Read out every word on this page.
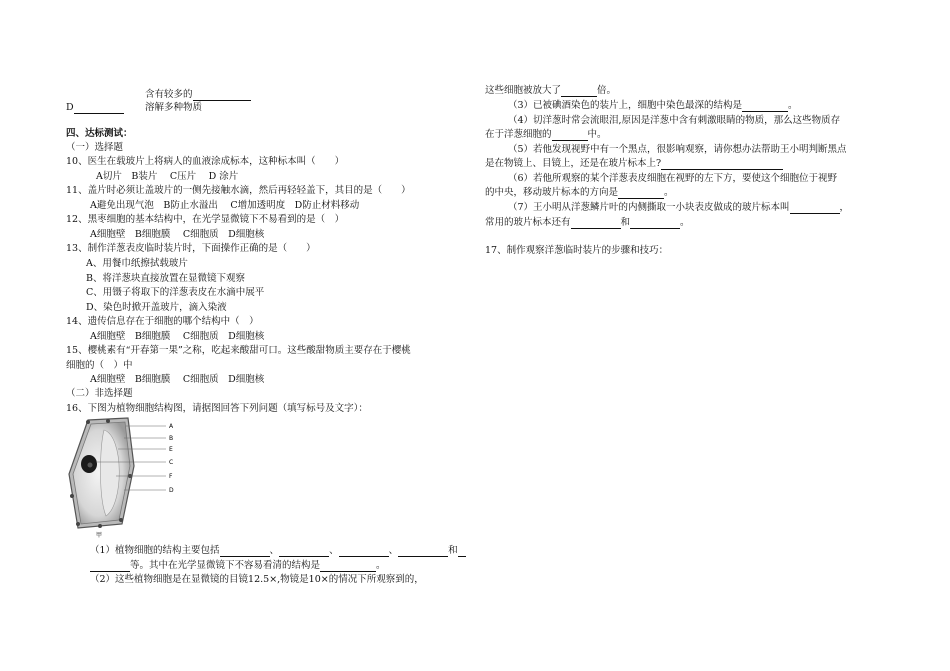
含有较多的
D	溶解多种物质
四、达标测试：
（一）选择题
10、医生在载玻片上将病人的血液涂成标本，这种标本叫（　　）
A切片　B装片　 C压片　 D 涂片
11、盖片时必须让盖玻片的一侧先接触水滴，然后再轻轻盖下，其目的是（　　）
A避免出现气泡　B防止水溢出　 C增加透明度　D防止材料移动
12、黑枣细胞的基本结构中，在光学显微镜下不易看到的是（　）
A细胞壁　B细胞膜　 C细胞质　D细胞核
13、制作洋葱表皮临时装片时，下面操作正确的是（　　）
A、用餐巾纸擦拭载玻片
B、将洋葱块直接放置在显微镜下观察
C、用镊子将取下的洋葱表皮在水滴中展平
D、染色时掀开盖玻片，滴入染液
14、遗传信息存在于细胞的哪个结构中（　）
A细胞壁　B细胞膜　 C细胞质　D细胞核
15、樱桃素有“开春第一果”之称，吃起来酸甜可口。这些酸甜物质主要存在于樱桃
细胞的（　）中
A细胞壁　B细胞膜　 C细胞质　D细胞核
（二）非选择题
16、下图为植物细胞结构图，请据图回答下列问题（填写标号及文字）：
A
B
E
C
F
D
甲
（1）植物细胞的结构主要包括	、	、	、	和
等。其中在光学显微镜下不容易看清的结构是	。
（2）这些植物细胞是在显微镜的目镜12.5×,物镜是10×的情况下所观察到的，
这些细胞被放大了	倍。
（3）已被碘酒染色的装片上，细胞中染色最深的结构是	。
（4）切洋葱时常会流眼泪,原因是洋葱中含有刺激眼睛的物质，那么这些物质存
在于洋葱细胞的	中。
（5）若他发现视野中有一个黑点，很影响观察，请你想办法帮助王小明判断黑点
是在物镜上、目镜上，还是在玻片标本上?
（6）若他所观察的某个洋葱表皮细胞在视野的左下方，要使这个细胞位于视野
的中央，移动玻片标本的方向是	。
（7）王小明从洋葱鳞片叶的内侧撕取一小块表皮做成的玻片标本叫	，
常用的玻片标本还有	和	。
17、制作观察洋葱临时装片的步骤和技巧：
